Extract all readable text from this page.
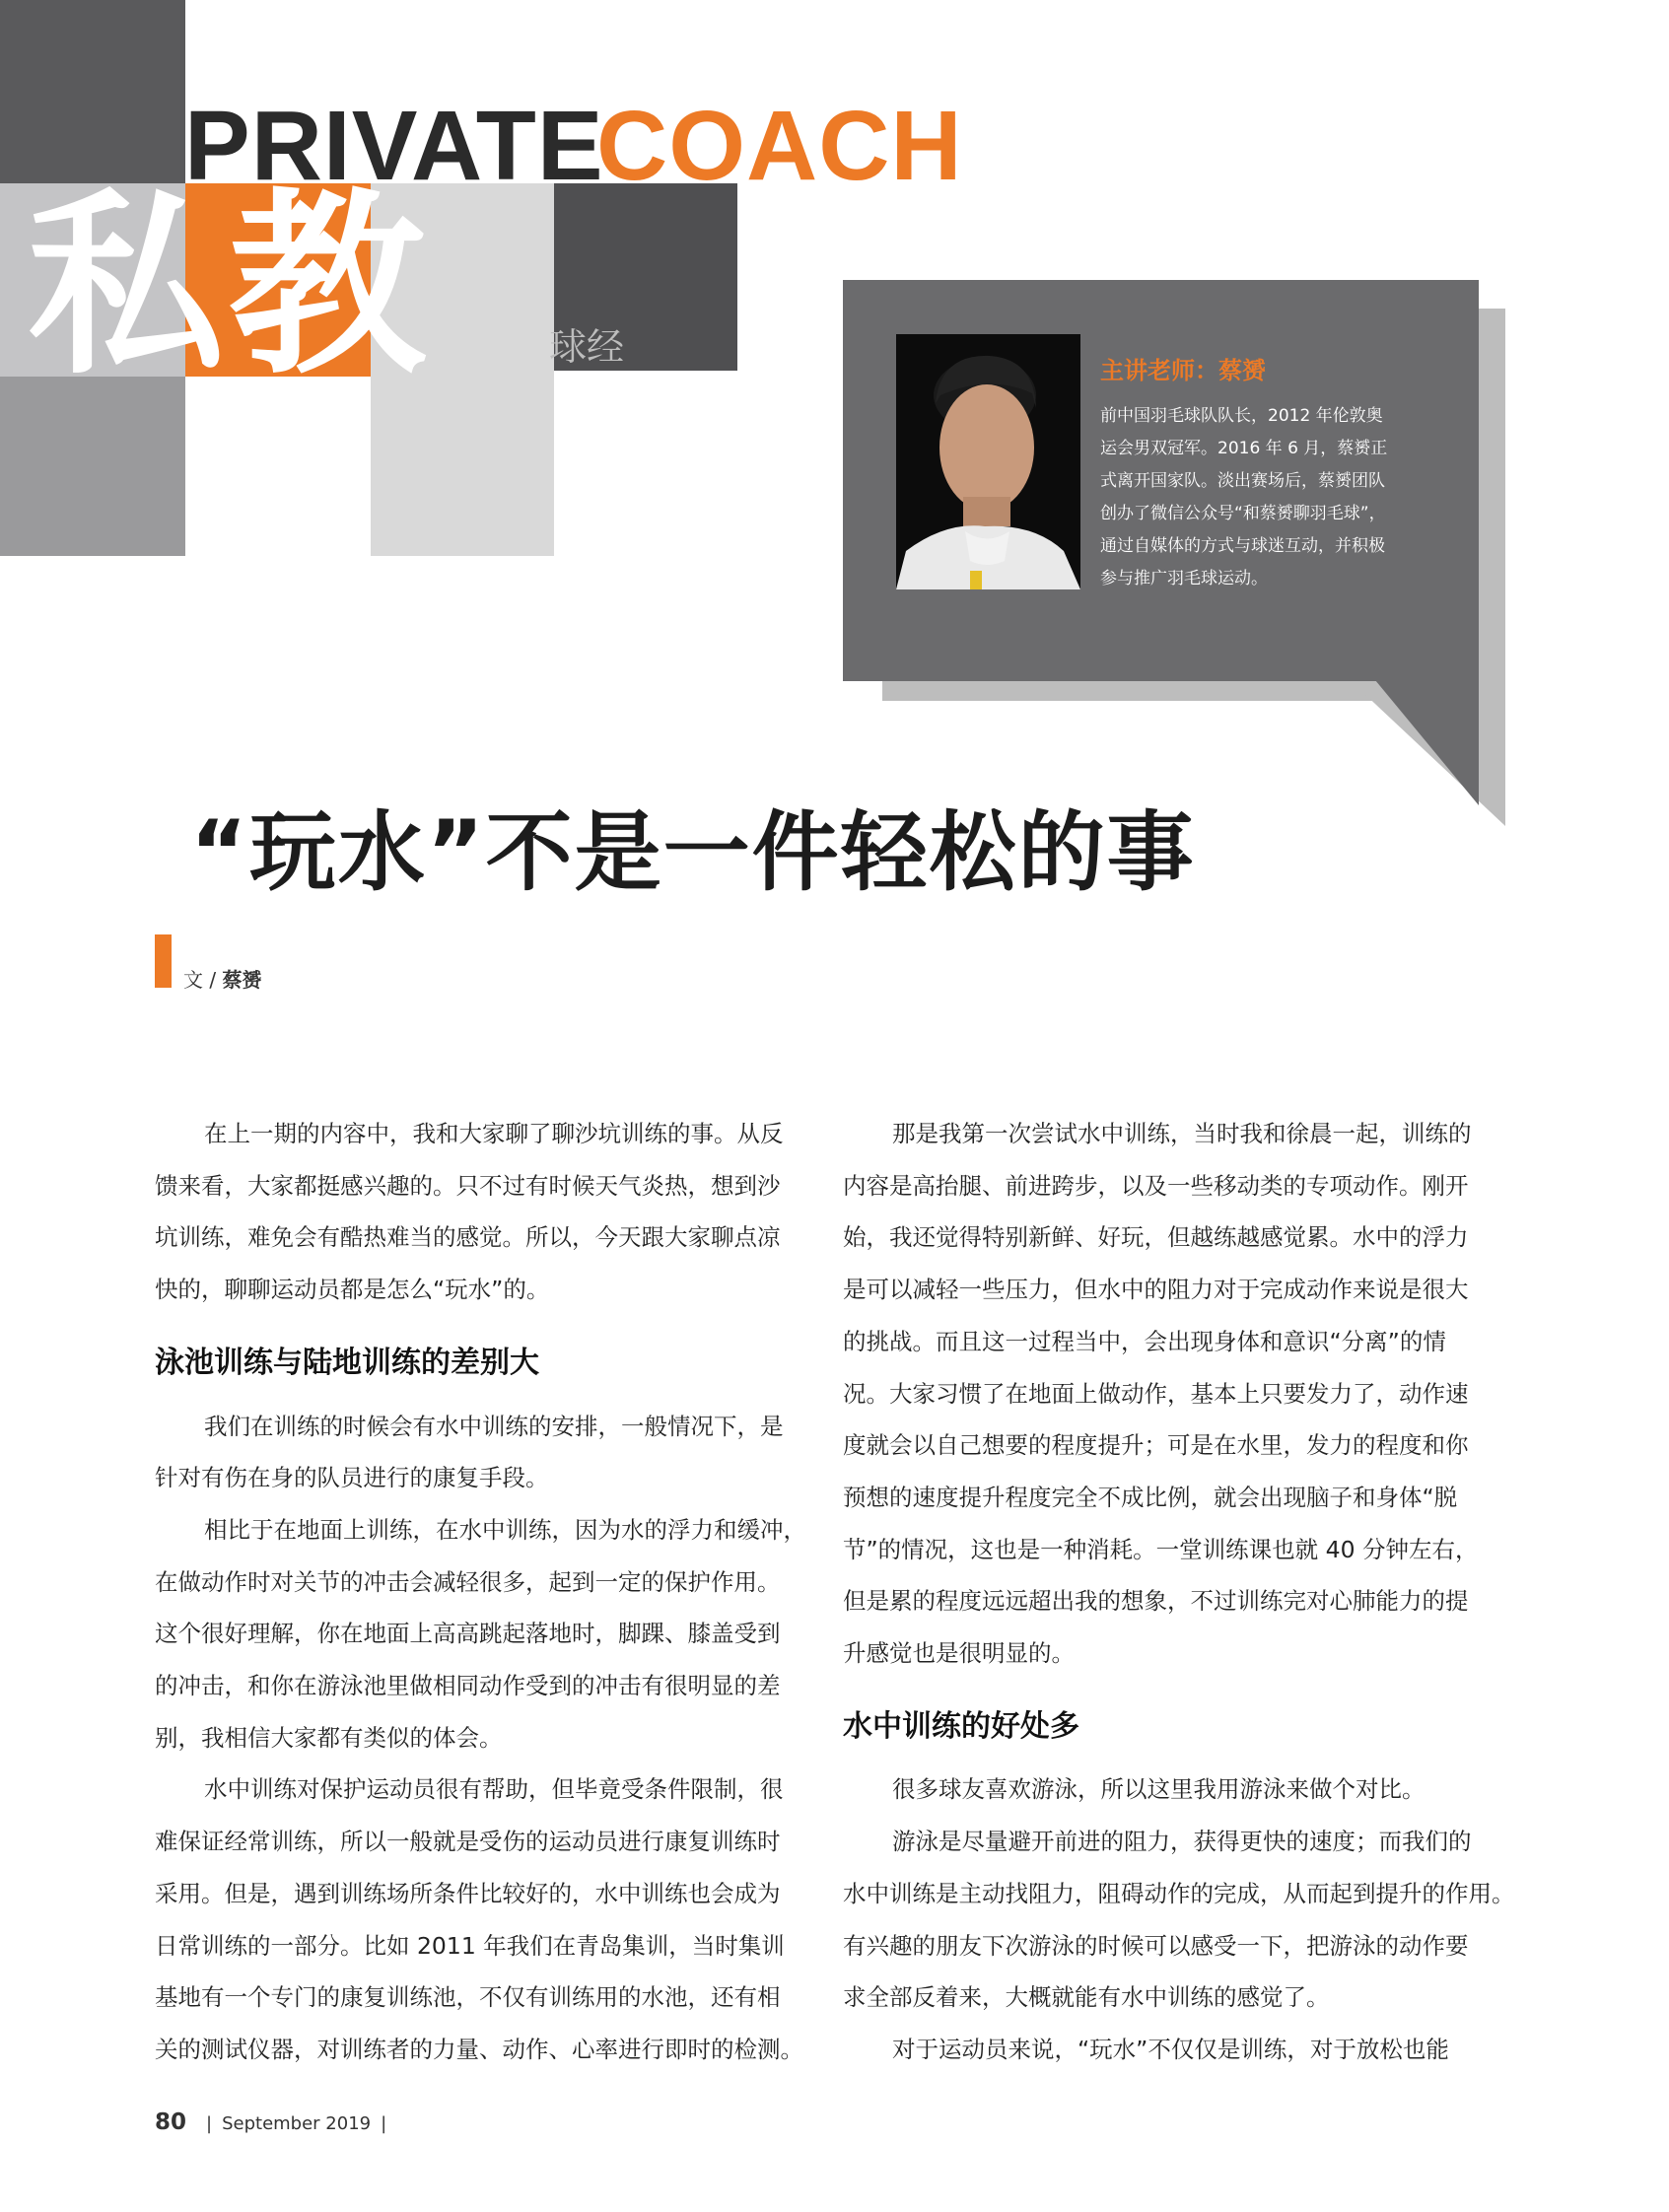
PRIVATE
COACH
私教	球经
主讲老师：蔡赟
前中国羽毛球队队长，2012 年伦敦奥
运会男双冠军。2016 年 6 月，蔡赟正
式离开国家队。淡出赛场后，蔡赟团队
创办了微信公众号“和蔡赟聊羽毛球”，
通过自媒体的方式与球迷互动，并积极
参与推广羽毛球运动。
“玩水”不是一件轻松的事
文 / 蔡赟

在上一期的内容中，我和大家聊了聊沙坑训练的事。从反
馈来看，大家都挺感兴趣的。只不过有时候天气炎热，想到沙
坑训练，难免会有酷热难当的感觉。所以，今天跟大家聊点凉
快的，聊聊运动员都是怎么“玩水”的。

泳池训练与陆地训练的差别大

我们在训练的时候会有水中训练的安排，一般情况下，是
针对有伤在身的队员进行的康复手段。

相比于在地面上训练，在水中训练，因为水的浮力和缓冲，
在做动作时对关节的冲击会减轻很多，起到一定的保护作用。
这个很好理解，你在地面上高高跳起落地时，脚踝、膝盖受到
的冲击，和你在游泳池里做相同动作受到的冲击有很明显的差
别，我相信大家都有类似的体会。

水中训练对保护运动员很有帮助，但毕竟受条件限制，很
难保证经常训练，所以一般就是受伤的运动员进行康复训练时
采用。但是，遇到训练场所条件比较好的，水中训练也会成为
日常训练的一部分。比如 2011 年我们在青岛集训，当时集训
基地有一个专门的康复训练池，不仅有训练用的水池，还有相
关的测试仪器，对训练者的力量、动作、心率进行即时的检测。

那是我第一次尝试水中训练，当时我和徐晨一起，训练的
内容是高抬腿、前进跨步，以及一些移动类的专项动作。刚开
始，我还觉得特别新鲜、好玩，但越练越感觉累。水中的浮力
是可以减轻一些压力，但水中的阻力对于完成动作来说是很大
的挑战。而且这一过程当中，会出现身体和意识“分离”的情
况。大家习惯了在地面上做动作，基本上只要发力了，动作速
度就会以自己想要的程度提升；可是在水里，发力的程度和你
预想的速度提升程度完全不成比例，就会出现脑子和身体“脱
节”的情况，这也是一种消耗。一堂训练课也就 40 分钟左右，
但是累的程度远远超出我的想象，不过训练完对心肺能力的提
升感觉也是很明显的。

水中训练的好处多

很多球友喜欢游泳，所以这里我用游泳来做个对比。

游泳是尽量避开前进的阻力，获得更快的速度；而我们的
水中训练是主动找阻力，阻碍动作的完成，从而起到提升的作用。
有兴趣的朋友下次游泳的时候可以感受一下，把游泳的动作要
求全部反着来，大概就能有水中训练的感觉了。

对于运动员来说，“玩水”不仅仅是训练，对于放松也能

80 | September 2019 |
